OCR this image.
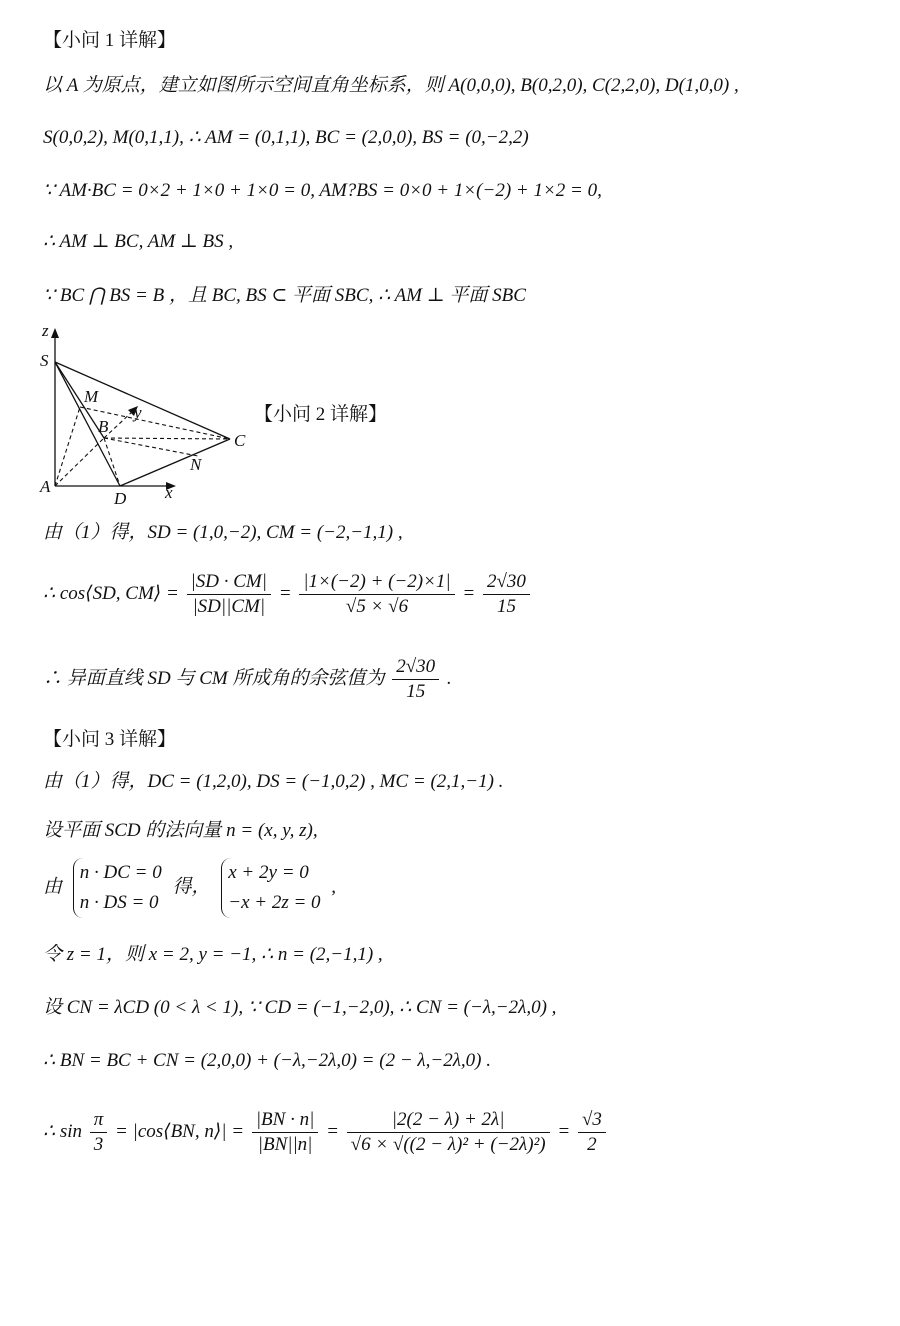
【小问 1 详解】
以 A 为原点，建立如图所示空间直角坐标系，则 A(0,0,0), B(0,2,0), C(2,2,0), D(1,0,0) ,
S(0,0,2), M(0,1,1), ∴ AM = (0,1,1), BC = (2,0,0), BS = (0,−2,2)
∵ AM·BC = 0×2 + 1×0 + 1×0 = 0, AM?BS = 0×0 + 1×(−2) + 1×2 = 0,
∴ AM ⊥ BC, AM ⊥ BS ,
∵ BC ⋂ BS = B ，且 BC, BS ⊂ 平面 SBC, ∴ AM ⊥ 平面 SBC
z
S
M
y
B
C
N
A
D x
【小问 2 详解】
由（1）得，SD = (1,0,−2), CM = (−2,−1,1) ,
∴ cos⟨SD, CM⟩ = $\frac{|SD \cdot CM|}{|SD||CM|} = \frac{|1\times(-2) + (-2)\times 1|}{√5 \times √6} = \frac{2√30}{15}$
∴ 异面直线 SD 与 CM 所成角的余弦值为 $\frac{2√30}{15}$ .
【小问 3 详解】
由（1）得，DC = (1,2,0), DS = (−1,0,2) , MC = (2,1,−1) .
设平面 SCD 的法向量 n = (x, y, z),
由
n · DC = 0
n · DS = 0
得，
x + 2y = 0
−x + 2z = 0
,
令 z = 1，则 x = 2, y = −1, ∴ n = (2,−1,1) ,
设 CN = λCD (0 < λ < 1), ∵ CD = (−1,−2,0), ∴ CN = (−λ,−2λ,0) ,
∴ BN = BC + CN = (2,0,0) + (−λ,−2λ,0) = (2 − λ,−2λ,0) .
∴ $\sin \frac{\pi}{3}$ = |cos⟨BN, n⟩| = $\frac{|BN \cdot n|}{|BN||n|} = \frac{|2(2 - \lambda) + 2\lambda|}{\text{√6 × √((2 − λ)² + (−2λ)²)}} = \frac{√3}{2}$
